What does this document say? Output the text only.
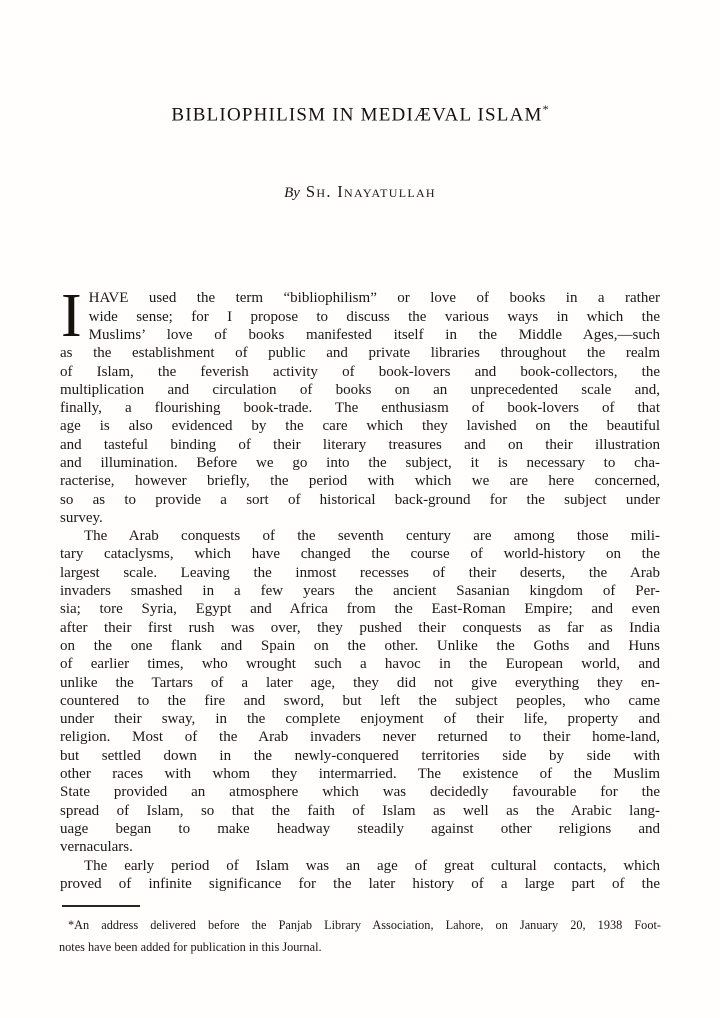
BIBLIOPHILISM IN MEDIÆVAL ISLAM*
By Sh. Inayatullah
I HAVE used the term “bibliophilism” or love of books in a rather
wide sense; for I propose to discuss the various ways in which the
Muslims’ love of books manifested itself in the Middle Ages,—such
as the establishment of public and private libraries throughout the realm
of Islam, the feverish activity of book-lovers and book-collectors, the
multiplication and circulation of books on an unprecedented scale and,
finally, a flourishing book-trade. The enthusiasm of book-lovers of that
age is also evidenced by the care which they lavished on the beautiful
and tasteful binding of their literary treasures and on their illustration
and illumination. Before we go into the subject, it is necessary to cha-
racterise, however briefly, the period with which we are here concerned,
so as to provide a sort of historical back-ground for the subject under
survey.
The Arab conquests of the seventh century are among those mili-
tary cataclysms, which have changed the course of world-history on the
largest scale. Leaving the inmost recesses of their deserts, the Arab
invaders smashed in a few years the ancient Sasanian kingdom of Per-
sia; tore Syria, Egypt and Africa from the East-Roman Empire; and even
after their first rush was over, they pushed their conquests as far as India
on the one flank and Spain on the other. Unlike the Goths and Huns
of earlier times, who wrought such a havoc in the European world, and
unlike the Tartars of a later age, they did not give everything they en-
countered to the fire and sword, but left the subject peoples, who came
under their sway, in the complete enjoyment of their life, property and
religion. Most of the Arab invaders never returned to their home-land,
but settled down in the newly-conquered territories side by side with
other races with whom they intermarried. The existence of the Muslim
State provided an atmosphere which was decidedly favourable for the
spread of Islam, so that the faith of Islam as well as the Arabic lang-
uage began to make headway steadily against other religions and
vernaculars.
The early period of Islam was an age of great cultural contacts, which
proved of infinite significance for the later history of a large part of the
*An address delivered before the Panjab Library Association, Lahore, on January 20, 1938 Foot-
notes have been added for publication in this Journal.
